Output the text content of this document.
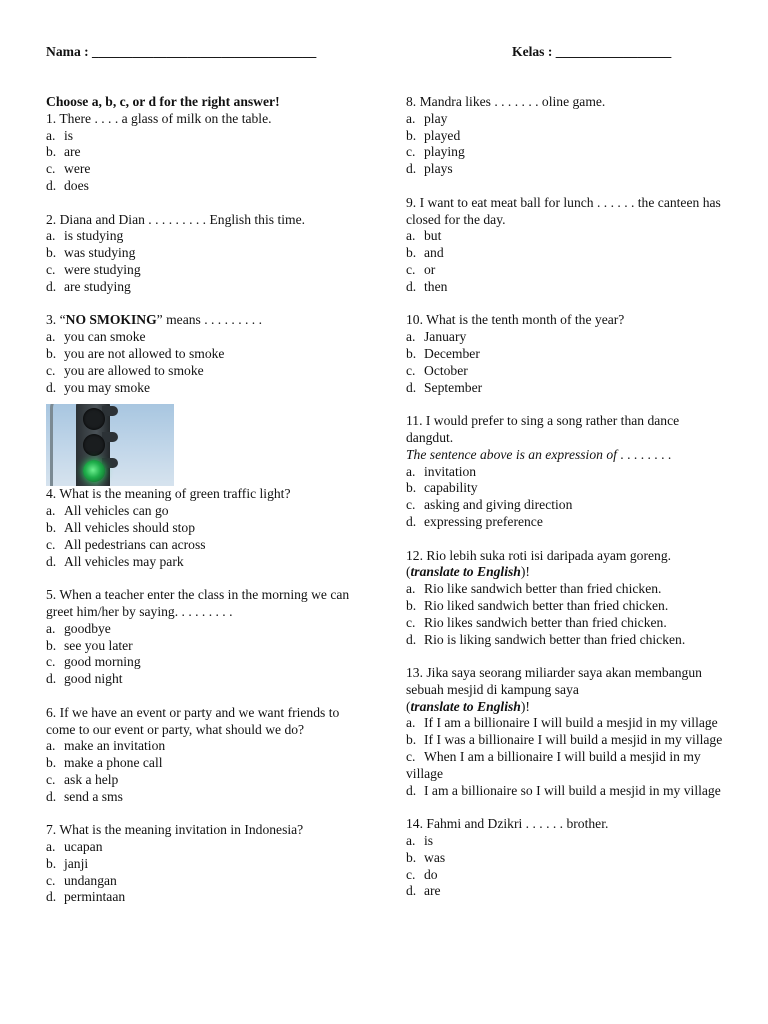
Nama : _________________________________	Kelas : _________________
Choose a, b, c, or d for the right answer!
1. There . . . . a glass of milk on the table.
a. is
b. are
c. were
d. does
2. Diana and Dian . . . . . . . . . English this time.
a. is studying
b. was studying
c. were studying
d. are studying
3. “NO SMOKING” means . . . . . . . . .
a. you can smoke
b. you are not allowed to smoke
c. you are allowed to smoke
d. you may smoke
4. What is the meaning of green traffic light?
a. All vehicles can go
b. All vehicles should stop
c. All pedestrians can across
d. All vehicles may park
5. When a teacher enter the class in the morning we can greet him/her by saying. . . . . . . . .
a. goodbye
b. see you later
c. good morning
d. good night
6. If we have an event or party and we want friends to come to our event or party, what should we do?
a. make an invitation
b. make a phone call
c. ask a help
d. send a sms
7. What is the meaning invitation in Indonesia?
a. ucapan
b. janji
c. undangan
d. permintaan
8. Mandra likes . . . . . . . oline game.
a. play
b. played
c. playing
d. plays
9. I want to eat meat ball for lunch . . . . . . the canteen has closed for the day.
a. but
b. and
c. or
d. then
10. What is the tenth month of the year?
a. January
b. December
c. October
d. September
11. I would prefer to sing a song rather than dance dangdut.
The sentence above is an expression of . . . . . . . .
a. invitation
b. capability
c. asking and giving direction
d. expressing preference
12. Rio lebih suka roti isi daripada ayam goreng.
(translate to English)!
a. Rio like sandwich better than fried chicken.
b. Rio liked sandwich better than fried chicken.
c. Rio likes sandwich better than fried chicken.
d. Rio is liking sandwich better than fried chicken.
13. Jika saya seorang miliarder saya akan membangun sebuah mesjid di kampung saya
(translate to English)!
a. If I am a billionaire I will build a mesjid in my village
b. If I was a billionaire I will build a mesjid in my village
c. When I am a billionaire I will build a mesjid in my village
d. I am a billionaire so I will build a mesjid in my village
14. Fahmi and Dzikri . . . . . . brother.
a. is
b. was
c. do
d. are
